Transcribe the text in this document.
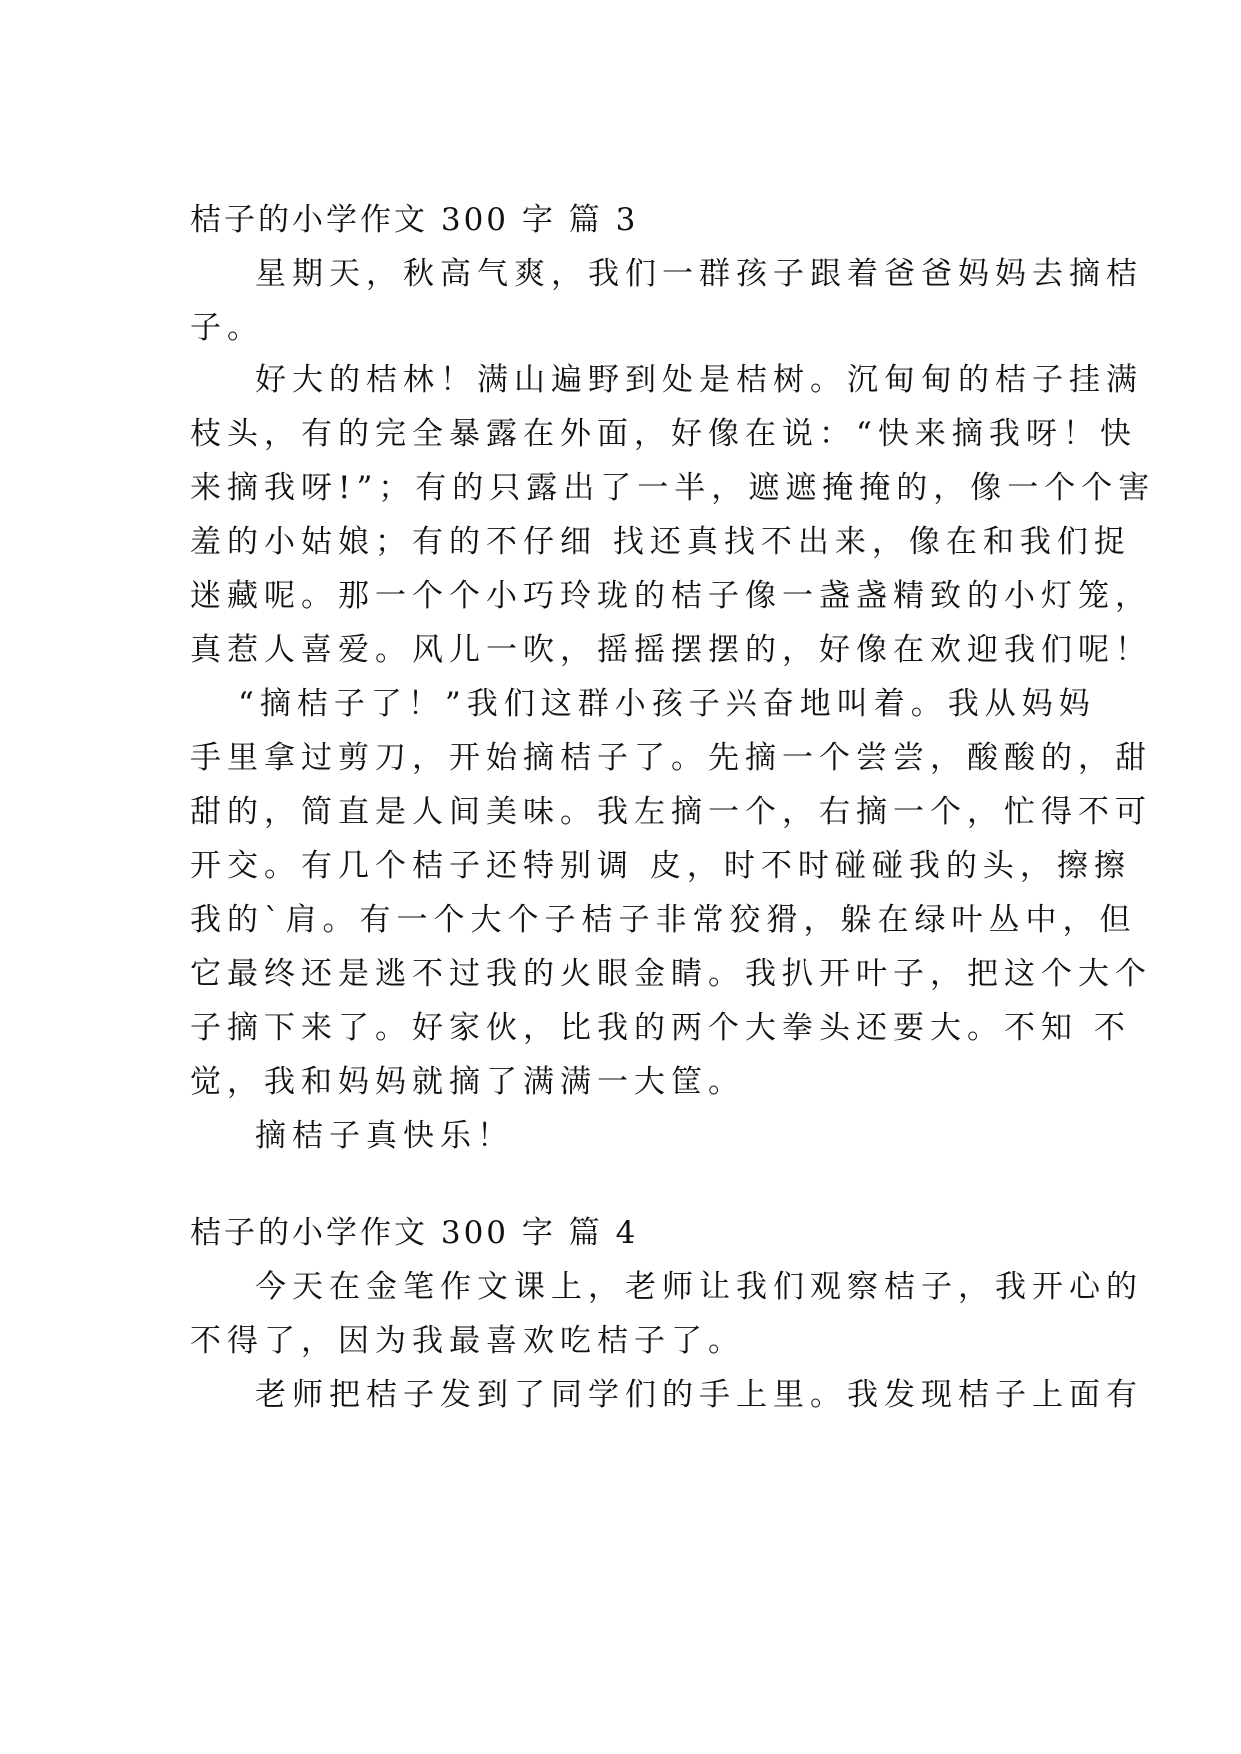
桔子的小学作文 300 字 篇 3
星期天，秋高气爽，我们一群孩子跟着爸爸妈妈去摘桔
子。
好大的桔林！满山遍野到处是桔树。沉甸甸的桔子挂满
枝头，有的完全暴露在外面，好像在说：“快来摘我呀！快
来摘我呀!”；有的只露出了一半，遮遮掩掩的，像一个个害
羞的小姑娘；有的不仔细 找还真找不出来，像在和我们捉
迷藏呢。那一个个小巧玲珑的桔子像一盏盏精致的小灯笼，
真惹人喜爱。风儿一吹，摇摇摆摆的，好像在欢迎我们呢！
“摘桔子了！”我们这群小孩子兴奋地叫着。我从妈妈
手里拿过剪刀，开始摘桔子了。先摘一个尝尝，酸酸的，甜
甜的，简直是人间美味。我左摘一个，右摘一个，忙得不可
开交。有几个桔子还特别调 皮，时不时碰碰我的头，擦擦
我的`肩。有一个大个子桔子非常狡猾，躲在绿叶丛中，但
它最终还是逃不过我的火眼金睛。我扒开叶子，把这个大个
子摘下来了。好家伙，比我的两个大拳头还要大。不知 不
觉，我和妈妈就摘了满满一大筐。
摘桔子真快乐！
桔子的小学作文 300 字 篇 4
今天在金笔作文课上，老师让我们观察桔子，我开心的
不得了，因为我最喜欢吃桔子了。
老师把桔子发到了同学们的手上里。我发现桔子上面有
